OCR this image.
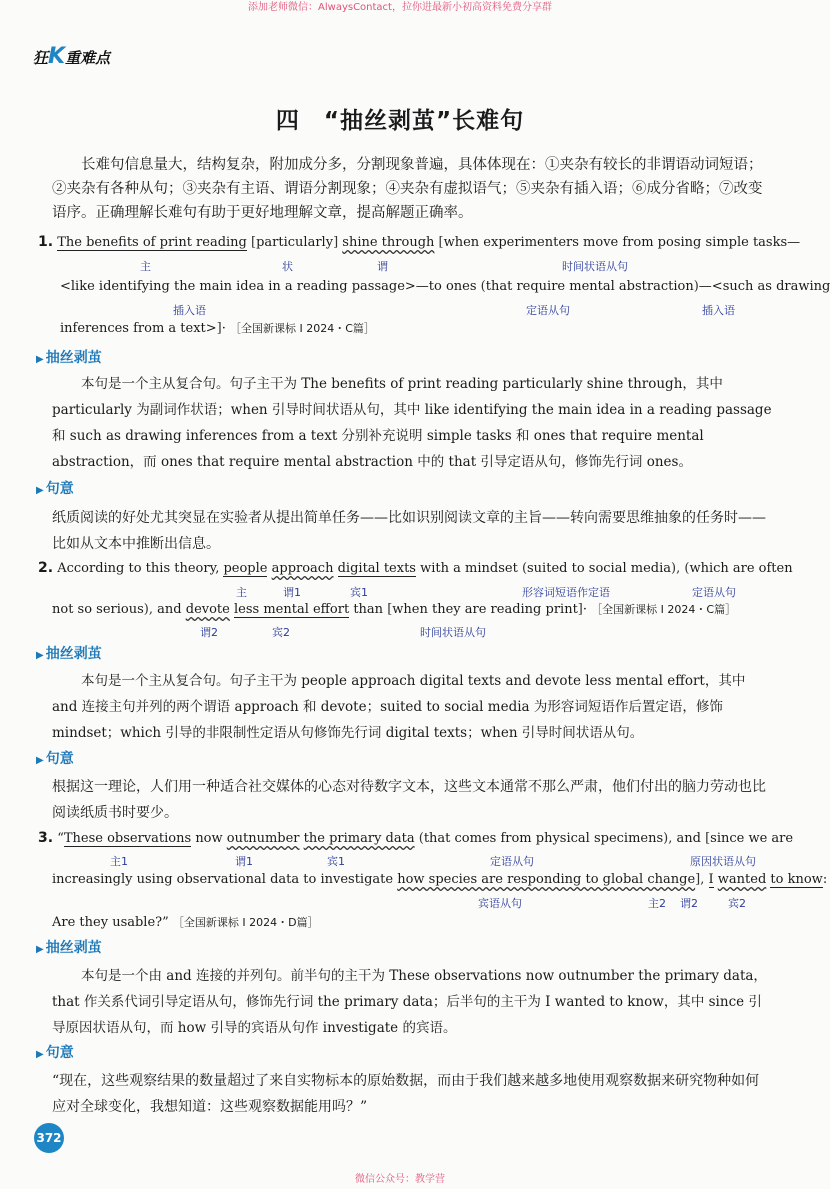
添加老师微信：AlwaysContact，拉你进最新小初高资料免费分享群
狂K重难点
四　“抽丝剥茧”长难句
长难句信息量大，结构复杂，附加成分多，分割现象普遍，具体体现在：①夹杂有较长的非谓语动词短语；②夹杂有各种从句；③夹杂有主语、谓语分割现象；④夹杂有虚拟语气；⑤夹杂有插入语；⑥成分省略；⑦改变语序。正确理解长难句有助于更好地理解文章，提高解题正确率。
1. The benefits of print reading [particularly] shine through [when experimenters move from posing simple tasks—
主	状	谓	时间状语从句
<like identifying the main idea in a reading passage>—to ones (that require mental abstraction)—<such as drawing
插入语	定语从句	插入语
inferences from a text>]· ［全国新课标 Ⅰ 2024・C篇］
▶ 抽丝剥茧
本句是一个主从复合句。句子主干为 The benefits of print reading particularly shine through，其中 particularly 为副词作状语；when 引导时间状语从句，其中 like identifying the main idea in a reading passage 和 such as drawing inferences from a text 分别补充说明 simple tasks 和 ones that require mental abstraction，而 ones that require mental abstraction 中的 that 引导定语从句，修饰先行词 ones。
▶ 句意
纸质阅读的好处尤其突显在实验者从提出简单任务——比如识别阅读文章的主旨——转向需要思维抽象的任务时——比如从文本中推断出信息。
2. According to this theory, people approach digital texts with a mindset (suited to social media), (which are often
主	谓1	宾1	形容词短语作定语	定语从句
not so serious), and devote less mental effort than [when they are reading print]· ［全国新课标 Ⅰ 2024・C篇］
谓2	宾2	时间状语从句
▶ 抽丝剥茧
本句是一个主从复合句。句子主干为 people approach digital texts and devote less mental effort，其中 and 连接主句并列的两个谓语 approach 和 devote；suited to social media 为形容词短语作后置定语，修饰 mindset；which 引导的非限制性定语从句修饰先行词 digital texts；when 引导时间状语从句。
▶ 句意
根据这一理论，人们用一种适合社交媒体的心态对待数字文本，这些文本通常不那么严肃，他们付出的脑力劳动也比阅读纸质书时要少。
3. “These observations now outnumber the primary data (that comes from physical specimens), and [since we are
主1	谓1	宾1	定语从句	原因状语从句
increasingly using observational data to investigate how species are responding to global change], I wanted to know:
宾语从句	主2 谓2	宾2
Are they usable?” ［全国新课标 Ⅰ 2024・D篇］
▶ 抽丝剥茧
本句是一个由 and 连接的并列句。前半句的主干为 These observations now outnumber the primary data，that 作关系代词引导定语从句，修饰先行词 the primary data；后半句的主干为 I wanted to know，其中 since 引导原因状语从句，而 how 引导的宾语从句作 investigate 的宾语。
▶ 句意
“现在，这些观察结果的数量超过了来自实物标本的原始数据，而由于我们越来越多地使用观察数据来研究物种如何应对全球变化，我想知道：这些观察数据能用吗？”
372
微信公众号：教学营
